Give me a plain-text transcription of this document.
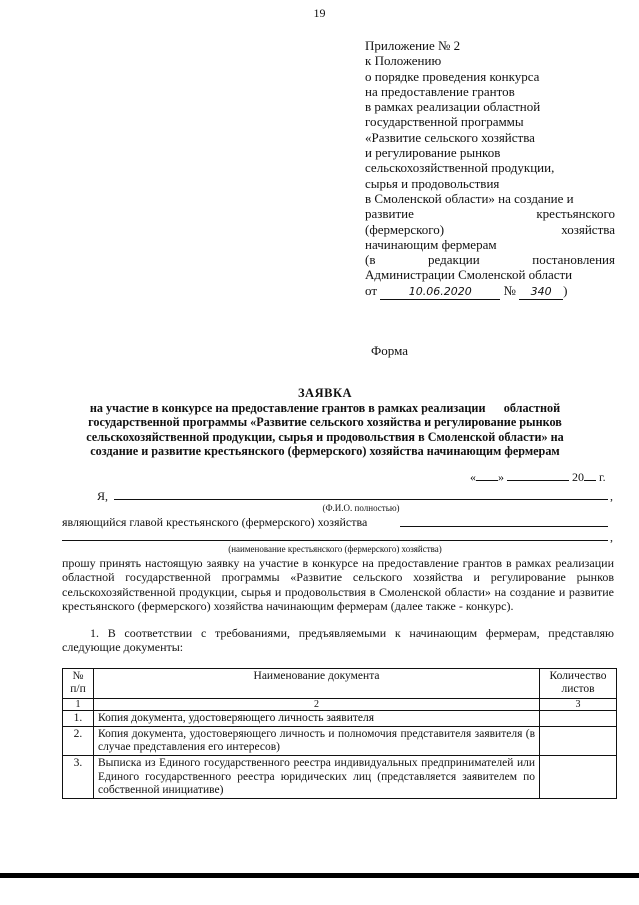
19
Приложение № 2
к Положению
о порядке проведения конкурса
на предоставление грантов
в рамках реализации областной
государственной программы
«Развитие сельского хозяйства
и регулирование рынков
сельскохозяйственной продукции,
сырья и продовольствия
в Смоленской области» на создание и
развитие	крестьянского
(фермерского)	хозяйства
начинающим фермерам
(в	редакции	постановления
Администрации Смоленской области
от	10.06.2020 № 340 )
Форма
ЗАЯВКА
на участие в конкурсе на предоставление грантов в рамках реализации      областной
государственной программы «Развитие сельского хозяйства и регулирование рынков
сельскохозяйственной продукции, сырья и продовольствия в Смоленской области» на
создание и развитие крестьянского (фермерского) хозяйства начинающим фермерам
« »	20 г.
Я,	,
(Ф.И.О. полностью)
являющийся главой крестьянского (фермерского) хозяйства
,
(наименование крестьянского (фермерского) хозяйства)
прошу принять настоящую заявку на участие в конкурсе на предоставление грантов в рамках реализации областной государственной программы «Развитие сельского хозяйства и регулирование рынков сельскохозяйственной продукции, сырья и продовольствия в Смоленской области» на создание и развитие крестьянского (фермерского) хозяйства начинающим фермерам (далее также - конкурс).
1. В соответствии с требованиями, предъявляемыми к начинающим фермерам, представляю следующие документы:
№ п/п	Наименование документа	Количество листов
1	2	3
1.	Копия документа, удостоверяющего личность заявителя	
2.	Копия документа, удостоверяющего личность и полномочия представителя заявителя (в случае представления его интересов)	
3.	Выписка из Единого государственного реестра индивидуальных предпринимателей или Единого государственного реестра юридических лиц (представляется заявителем по собственной инициативе)	
